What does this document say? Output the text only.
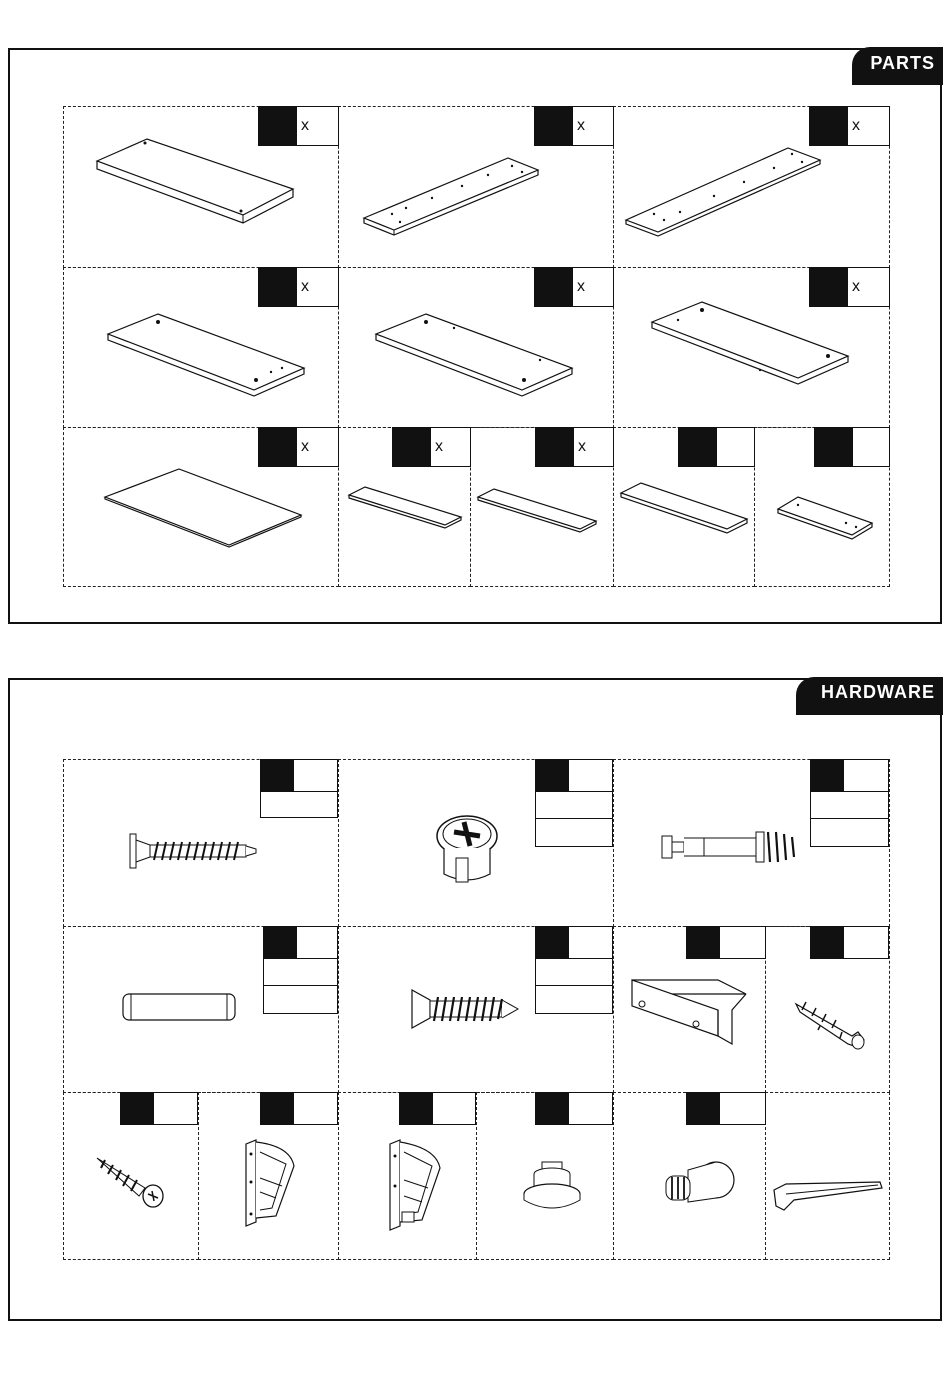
PARTS
x	x	x
x	x	x
x	x	x
HARDWARE
